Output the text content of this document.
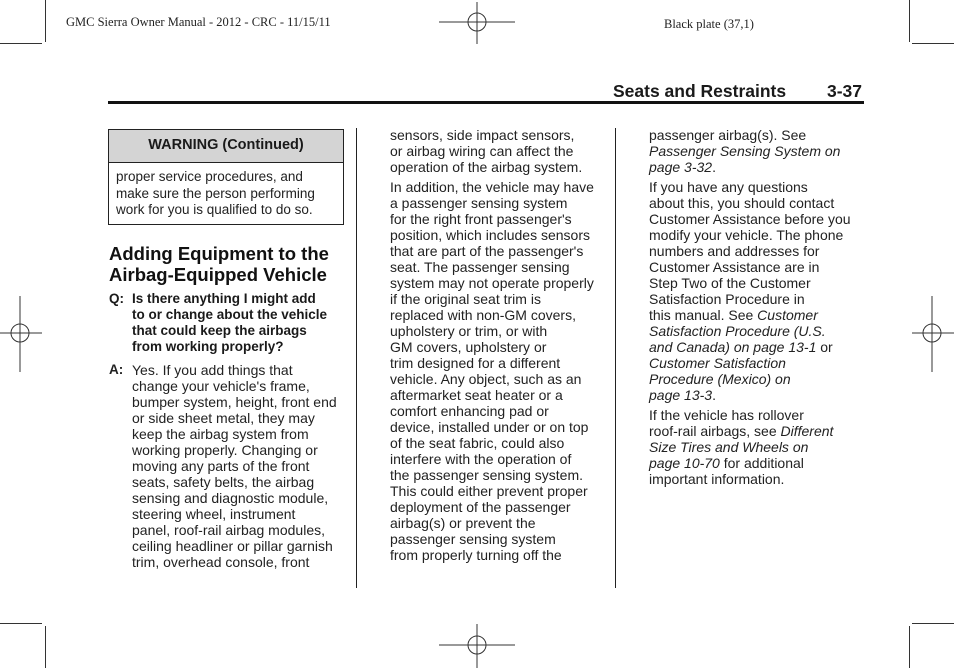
GMC Sierra Owner Manual - 2012 - CRC - 11/15/11	Black plate (37,1)
Seats and Restraints 3-37
WARNING (Continued)
proper service procedures, and
make sure the person performing
work for you is qualified to do so.
Adding Equipment to the
Airbag-Equipped Vehicle
Q: Is there anything I might add
to or change about the vehicle
that could keep the airbags
from working properly?
A: Yes. If you add things that
change your vehicle's frame,
bumper system, height, front end
or side sheet metal, they may
keep the airbag system from
working properly. Changing or
moving any parts of the front
seats, safety belts, the airbag
sensing and diagnostic module,
steering wheel, instrument
panel, roof-rail airbag modules,
ceiling headliner or pillar garnish
trim, overhead console, front
sensors, side impact sensors,
or airbag wiring can affect the
operation of the airbag system.
In addition, the vehicle may have
a passenger sensing system
for the right front passenger's
position, which includes sensors
that are part of the passenger's
seat. The passenger sensing
system may not operate properly
if the original seat trim is
replaced with non-GM covers,
upholstery or trim, or with
GM covers, upholstery or
trim designed for a different
vehicle. Any object, such as an
aftermarket seat heater or a
comfort enhancing pad or
device, installed under or on top
of the seat fabric, could also
interfere with the operation of
the passenger sensing system.
This could either prevent proper
deployment of the passenger
airbag(s) or prevent the
passenger sensing system
from properly turning off the
passenger airbag(s). See
Passenger Sensing System on
page 3-32.
If you have any questions
about this, you should contact
Customer Assistance before you
modify your vehicle. The phone
numbers and addresses for
Customer Assistance are in
Step Two of the Customer
Satisfaction Procedure in
this manual. See Customer
Satisfaction Procedure (U.S.
and Canada) on page 13-1 or
Customer Satisfaction
Procedure (Mexico) on
page 13-3.
If the vehicle has rollover
roof-rail airbags, see Different
Size Tires and Wheels on
page 10-70 for additional
important information.
